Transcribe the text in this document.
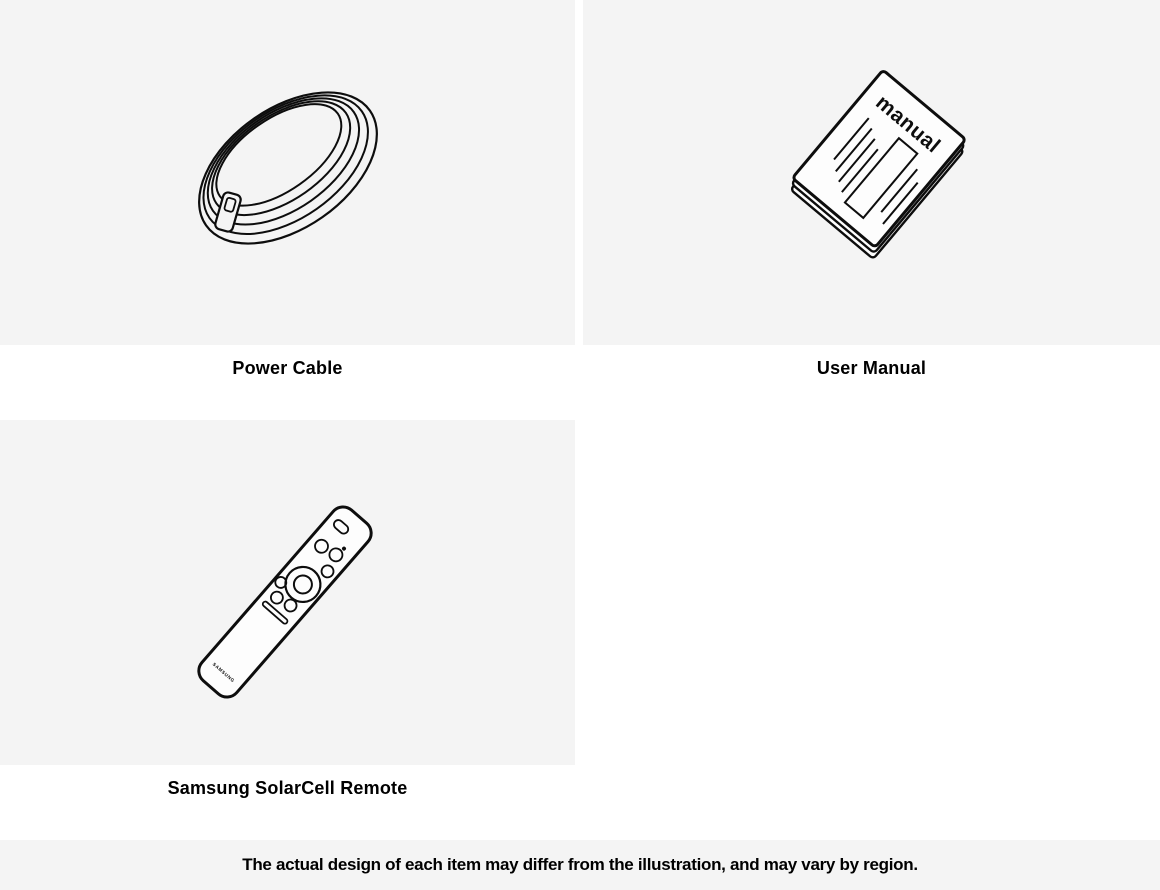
manual
Power Cable	User Manual
SAMSUNG
Samsung SolarCell Remote
The actual design of each item may differ from the illustration, and may vary by region.
